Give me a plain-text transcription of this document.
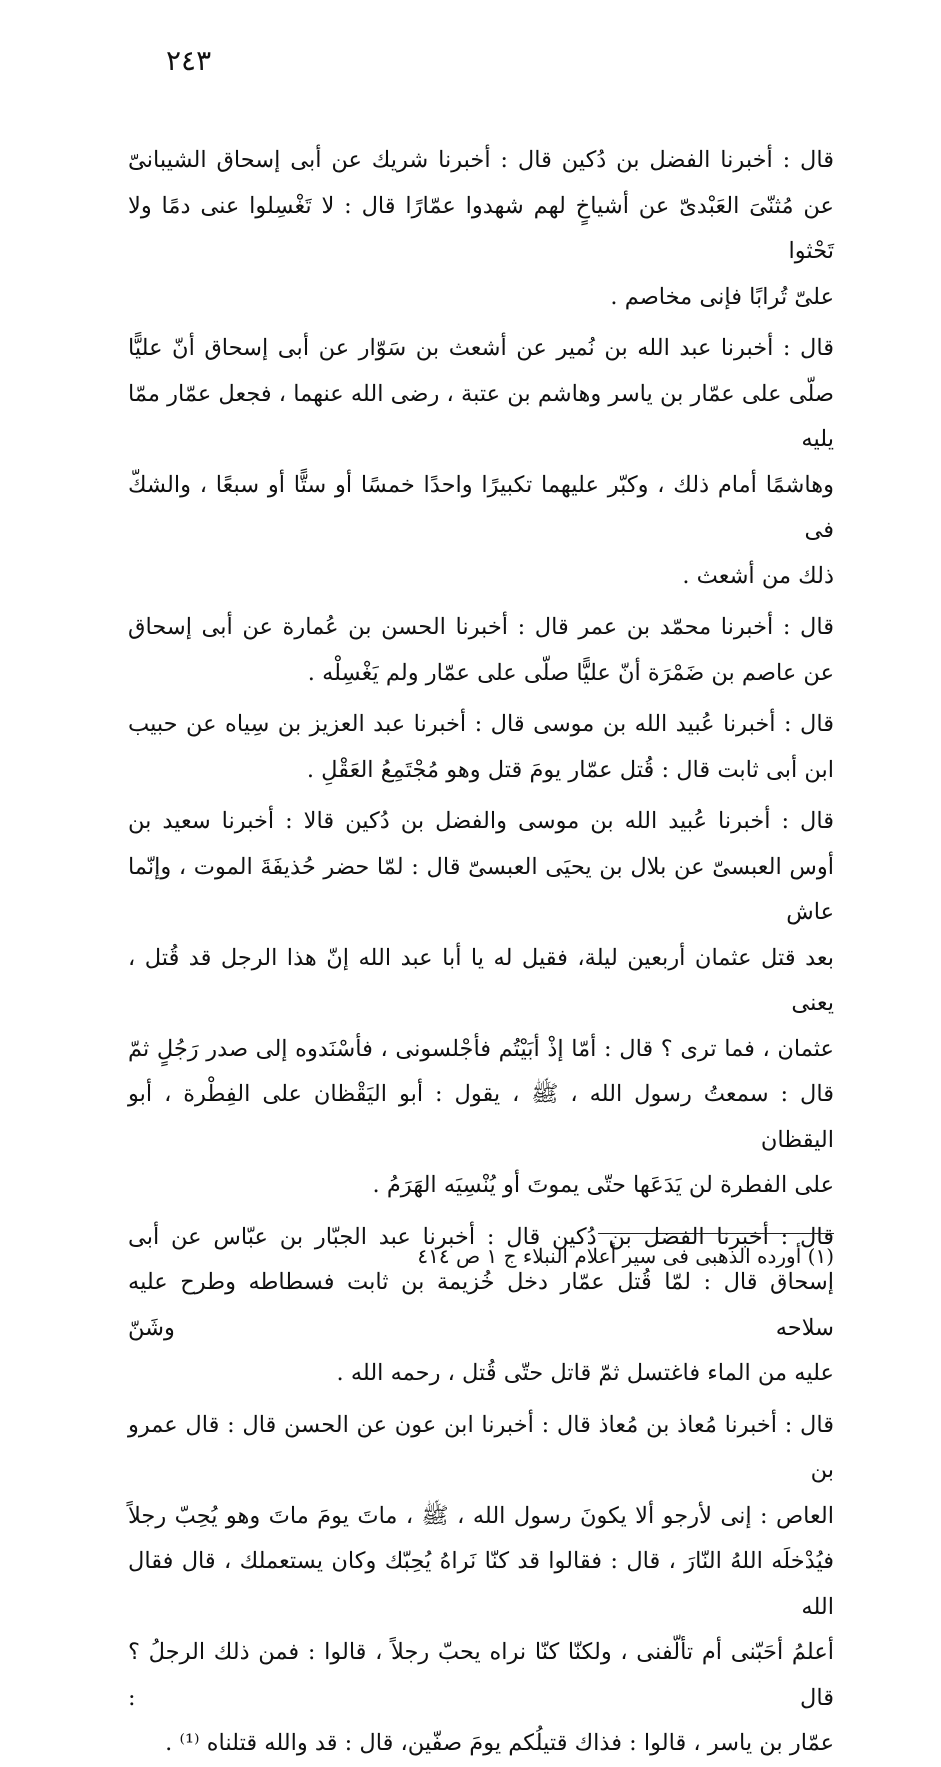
٢٤٣
قال : أخبرنا الفضل بن دُكين قال : أخبرنا شريك عن أبى إسحاق الشيبانىّ
عن مُثنّىَ العَبْدىّ عن أشياخٍ لهم شهدوا عمّارًا قال : لا تَغْسِلوا عنى دمًا ولا تَحْثوا
علىّ تُرابًا فإنى مخاصم .
قال : أخبرنا عبد الله بن نُمير عن أشعث بن سَوّار عن أبى إسحاق أنّ عليًّا
صلّى على عمّار بن ياسر وهاشم بن عتبة ، رضى الله عنهما ، فجعل عمّار ممّا يليه
وهاشمًا أمام ذلك ، وكبّر عليهما تكبيرًا واحدًا خمسًا أو ستًّا أو سبعًا ، والشكّ فى
ذلك من أشعث .
قال : أخبرنا محمّد بن عمر قال : أخبرنا الحسن بن عُمارة عن أبى إسحاق
عن عاصم بن ضَمْرَة أنّ عليًّا صلّى على عمّار ولم يَغْسِلْه .
قال : أخبرنا عُبيد الله بن موسى قال : أخبرنا عبد العزيز بن سِياه عن حبيب
ابن أبى ثابت قال : قُتل عمّار يومَ قتل وهو مُجْتَمِعُ العَقْلِ .
قال : أخبرنا عُبيد الله بن موسى والفضل بن دُكين قالا : أخبرنا سعيد بن
أوس العبسىّ عن بلال بن يحيَى العبسىّ قال : لمّا حضر حُذيفَةَ الموت ، وإنّما عاش
بعد قتل عثمان أربعين ليلة، فقيل له يا أبا عبد الله إنّ هذا الرجل قد قُتل ، يعنى
عثمان ، فما ترى ؟ قال : أمّا إذْ أبَيْتُم فأجْلسونى ، فأسْنَدوه إلى صدر رَجُلٍ ثمّ
قال : سمعتُ رسول الله ، ﷺ ، يقول : أبو اليَقْظان على الفِطْرة ، أبو اليقظان
على الفطرة لن يَدَعَها حتّى يموتَ أو يُنْسِيَه الهَرَمُ .
قال : أخبرنا الفضل بن دُكين قال : أخبرنا عبد الجبّار بن عبّاس عن أبى
إسحاق قال : لمّا قُتل عمّار دخل خُزيمة بن ثابت فسطاطه وطرح عليه سلاحه وشَنّ
عليه من الماء فاغتسل ثمّ قاتل حتّى قُتل ، رحمه الله .
قال : أخبرنا مُعاذ بن مُعاذ قال : أخبرنا ابن عون عن الحسن قال : قال عمرو بن
العاص : إنى لأرجو ألا يكونَ رسول الله ، ﷺ ، ماتَ يومَ ماتَ وهو يُحِبّ رجلاً
فيُدْخلَه اللهُ النّارَ ، قال : فقالوا قد كنّا نَراهُ يُحِبّك وكان يستعملك ، قال فقال الله
أعلمُ أحَبّنى أم تألّفنى ، ولكنّا كنّا نراه يحبّ رجلاً ، قالوا : فمن ذلك الرجلُ ؟ قال :
عمّار بن ياسر ، قالوا : فذاك قتيلُكم يومَ صفّين، قال : قد والله قتلناه ⁽¹⁾ .
(١) أورده الذهبى فى سير أعلام النبلاء ج ١ ص ٤١٤
